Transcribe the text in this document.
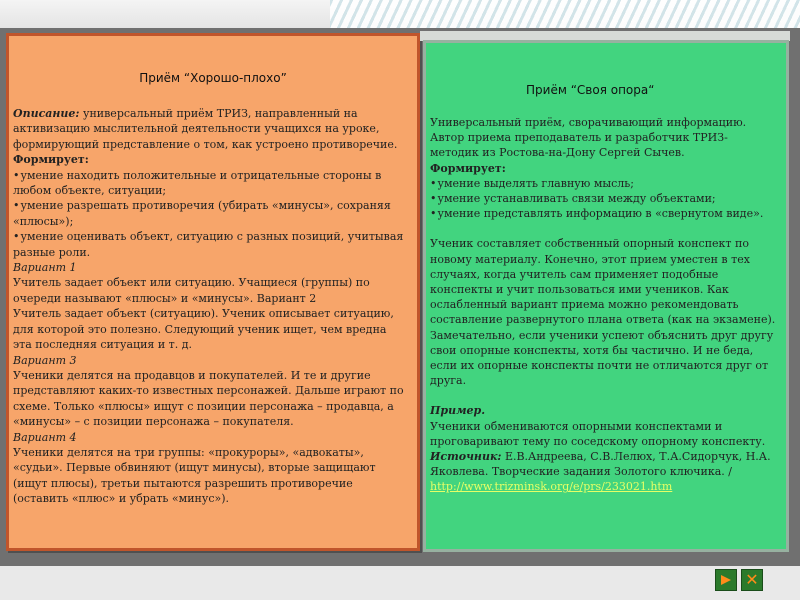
Приём “Хорошо-плохо”
Описание: универсальный приём ТРИЗ, направленный на
активизацию мыслительной деятельности учащихся на уроке,
формирующий представление о том, как устроено противоречие.
Формирует:
• умение находить положительные и отрицательные стороны в
любом объекте, ситуации;
• умение разрешать противоречия (убирать «минусы», сохраняя
«плюсы»);
• умение оценивать объект, ситуацию с разных позиций, учитывая
разные роли.
Вариант 1
Учитель задает объект или ситуацию. Учащиеся (группы) по
очереди называют «плюсы» и «минусы». Вариант 2
Учитель задает объект (ситуацию). Ученик описывает ситуацию,
для которой это полезно. Следующий ученик ищет, чем вредна
эта последняя ситуация и т. д.
Вариант 3
Ученики делятся на продавцов и покупателей. И те и другие
представляют каких-то известных персонажей. Дальше играют по
схеме. Только «плюсы» ищут с позиции персонажа – продавца, а
«минусы» – с позиции персонажа – покупателя.
Вариант 4
Ученики делятся на три группы: «прокуроры», «адвокаты»,
«судьи». Первые обвиняют (ищут минусы), вторые защищают
(ищут плюсы), третьи пытаются разрешить противоречие
(оставить «плюс» и убрать «минус»).
Приём “Своя опора“
Универсальный приём, сворачивающий информацию.
Автор приема преподаватель и разработчик ТРИЗ-
методик из Ростова-на-Дону Сергей Сычев.
Формирует:
• умение выделять главную мысль;
• умение устанавливать связи между объектами;
• умение представлять информацию в «свернутом виде».
Ученик составляет собственный опорный конспект по
новому материалу. Конечно, этот прием уместен в тех
случаях, когда учитель сам применяет подобные
конспекты и учит пользоваться ими учеников. Как
ослабленный вариант приема можно рекомендовать
составление развернутого плана ответа (как на экзамене).
Замечательно, если ученики успеют объяснить друг другу
свои опорные конспекты, хотя бы частично. И не беда,
если их опорные конспекты почти не отличаются друг от
друга.
Пример.
Ученики обмениваются опорными конспектами и
проговаривают тему по соседскому опорному конспекту.
Источник: Е.В.Андреева, С.В.Лелюх, Т.А.Сидорчук, Н.А.
Яковлева. Творческие задания Золотого ключика. /
http://www.trizminsk.org/e/prs/233021.htm
✕
